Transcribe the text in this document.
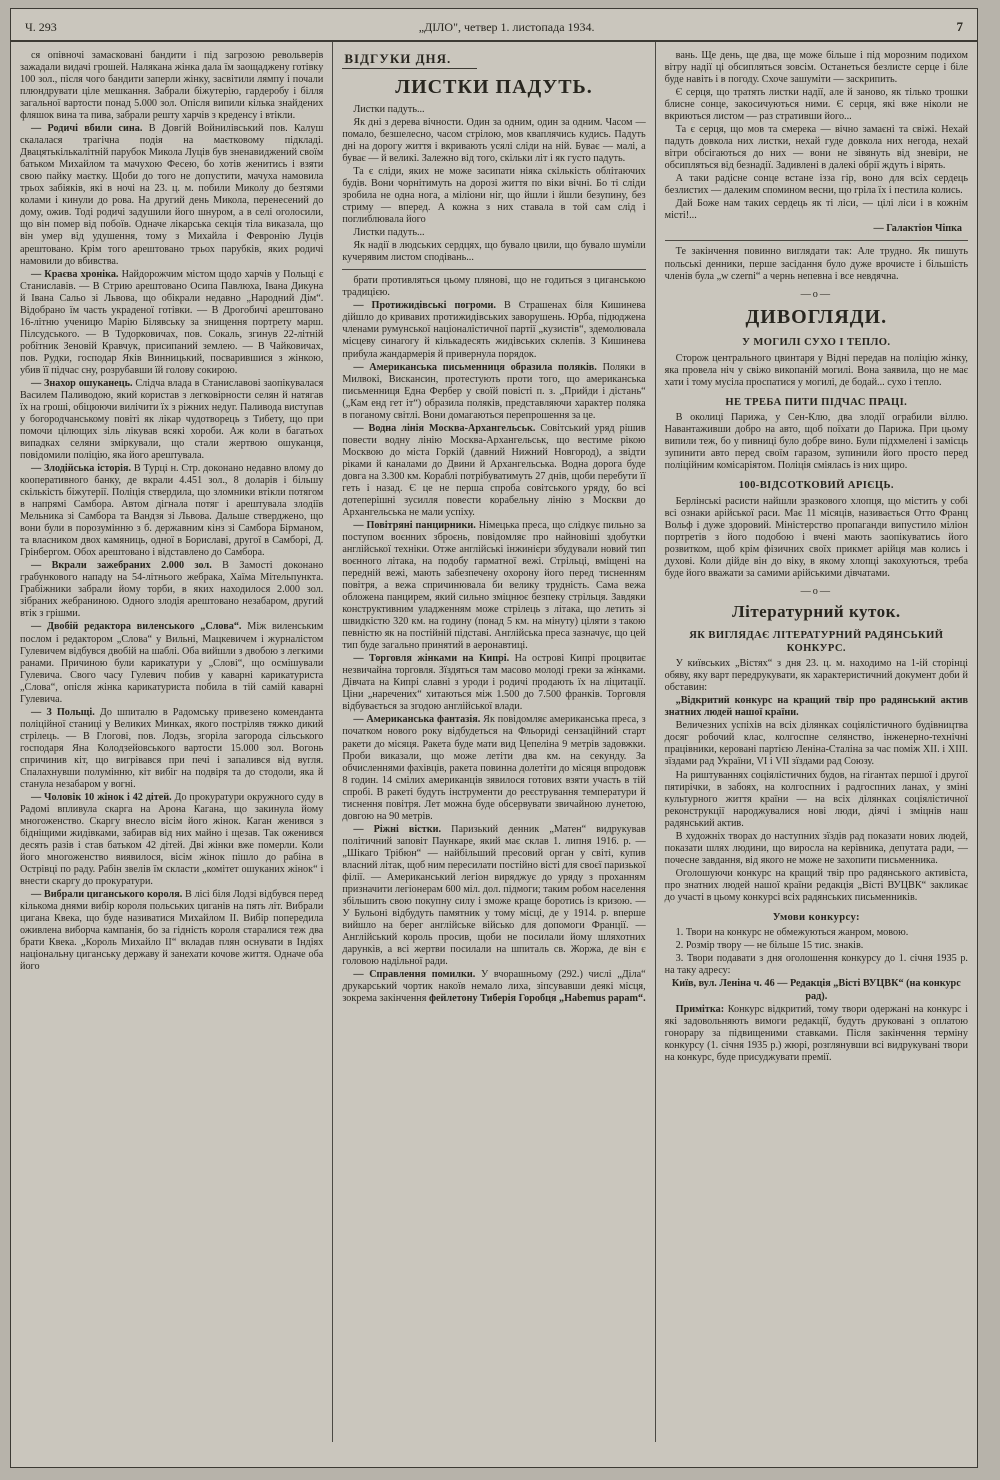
Ч. 293	„ДІЛО", четвер 1. листопада 1934.	7

ся опівночі замасковані бандити і під загрозою револьверів зажадали видачі грошей. Налякана жінка дала їм заощаджену готівку 100 зол., після чого бандити заперли жінку, засвітили лямпу і почали плюндрувати ціле мешкання. Забрали біжутерію, гардеробу і білля загальної вартости понад 5.000 зол. Опісля випили кілька знайдених фляшок вина та пива, забрали решту харчів з креденсу і втікли.

— Родичі вбили сина. В Довгій Войнилівський пов. Калуш скалалася трагічна подія на маєтковому підкладі. Двацятькількалітній парубок Микола Луців був зненавиджений своїм батьком Михайлом та мачухою Фесею, бо хотів женитись і взяти свою пайку маєтку. Щоби до того не допустити, мачуха намовила трьох забіяків, які в ночі на 23. ц. м. побили Миколу до безтями колами і кинули до рова. На другий день Микола, перенесений до дому, ожив. Тоді родичі задушили його шнуром, а в селі оголосили, що він помер від побоїв. Одначе лікарська секція тіла виказала, що він умер від удушення, тому з Михайла і Февронію Луців арештовано. Крім того арештовано трьох парубків, яких родичі намовили до вбивства.

— Краєва хроніка. Найдорожчим містом щодо харчів у Польщі є Станиславів. — В Стрию арештовано Осипа Павлюха, Івана Дикуна й Івана Сальо зі Львова, що обікрали недавно „Народний Дім“. Відобрано їм часть украденої готівки. — В Дрогобичі арештовано 16-літню ученицю Марію Білявську за знищення портрету марш. Пілсудського. — В Тудорковичах, пов. Сокаль, згинув 22-літній робітник Зеновій Кравчук, присипаний землею. — В Чайковичах, пов. Рудки, господар Яків Винницький, посварившися з жінкою, убив її підчас сну, розрубавши їй голову сокирою.

— Знахор ошуканець. Слідча влада в Станиславові заопікувалася Василем Паливодою, який користав з легковірности селян й натягав їх на гроші, обіцюючи вилічити їх з ріжних недуг. Паливода виступав у богородчанському повіті як лікар чудотворець з Тибету, що при помочи цілющих зіль лікував всякі хороби. Аж коли в багатьох випадках селяни зміркували, що стали жертвою ошуканця, повідомили поліцію, яка його арештувала.

— Злодійська історія. В Турці н. Стр. доконано недавно влому до кооперативного банку, де вкрали 4.451 зол., 8 доларів і більшу скількість біжутерії. Поліція ствердила, що зломники втікли потягом в напрямі Самбора. Автом дігнала потяг і арештувала злодіїв Мельника зі Самбора та Вандзя зі Львова. Дальше стверджено, що вони були в порозумінню з б. державним кінз зі Самбора Бірманом, та власником двох камяниць, одної в Бориславі, другої в Самборі, Д. Грінбергом. Обох арештовано і відставлено до Самбора.

— Вкрали зажебраних 2.000 зол. В Замості доконано грабункового нападу на 54-літнього жебрака, Хаїма Мітельпункта. Грабіжники забрали йому торби, в яких находилося 2.000 зол. зібраних жебраниною. Одного злодія арештовано незабаром, другий втік з грішми.

— Двобій редактора виленського „Слова“. Між виленським послом і редактором „Слова“ у Вильні, Мацкевичем і журналістом Гулевичем відбувся двобій на шаблі. Оба вийшли з двобою з легкими ранами. Причиною були карикатури у „Слові“, що осмішували Гулевича. Свого часу Гулевич побив у каварні карикатуриста „Слова“, опісля жінка карикатуриста побила в тій самій каварні Гулевича.

— З Польщі. До шпиталю в Радомську привезено коменданта поліційної станиці у Великих Минках, якого постріляв тяжко дикий стрілець. — В Глогові, пов. Лодзь, згоріла загорода сільського господаря Яна Колодзейовського вартости 15.000 зол. Вогонь спричинив кіт, що вигрівався при печі і запалився від вугля. Спалахнувши полумінню, кіт вибіг на подвіря та до стодоли, яка й станула незабаром у вогні.

— Чоловік 10 жінок і 42 дітей. До прокуратури окружного суду в Радомі впливула скарга на Арона Кагана, що закинула йому многоженство. Скаргу внесло вісім його жінок. Каган женився з бідніщими жидівками, забирав від них майно і щезав. Так оженився десять разів і став батьком 42 дітей. Дві жінки вже померли. Коли його многоженство виявилося, вісім жінок пішло до рабіна в Острівці по раду. Рабін звелів їм скласти „комітет ошуканих жінок“ і внести скаргу до прокуратури.

— Вибрали циганського короля. В лісі біля Лодзі відбувся перед кількома днями вибір короля польських циганів на пять літ. Вибрали цигана Квека, що буде називатися Михайлом II. Вибір попередила оживлена виборча кампанія, бо за гідність короля старалися теж два брати Квека. „Король Михайло II“ вкладав плян оснувати в Індіях національну циганську державу й занехати кочове життя. Одначе оба його

ВІДГУКИ ДНЯ.
ЛИСТКИ ПАДУТЬ.

Листки падуть...

Як дні з дерева вічности. Один за одним, один за одним. Часом — помало, безшелесно, часом стрілою, мов кваплячись кудись. Падуть дні на дорогу життя і вкривають усялі сліди на ній. Буває — малі, а буває — й великі. Залежно від того, скільки літ і як густо падуть.

Та є сліди, яких не може засипати ніяка скількість облітаючих будів. Вони чорнітимуть на дорозі життя по віки вічні. Бо ті сліди зробила не одна нога, а міліони ніг, що йшли і йшли безупину, без стриму — вперед. А кожна з них ставала в той сам слід і поглиблювала його

Листки падуть...

Як надії в людських сердцях, що бувало цвили, що бувало шуміли кучерявим листом сподівань...

брати противляться цьому плянові, що не годиться з циганською традицією.

— Протижидівські погроми. В Страшенах біля Кишинева дійшло до кривавих протижидівських заворушень. Юрба, підюджена членами румунської націоналістичної партії „кузистів“, здемолювала місцеву синагогу й кількадесять жидівських склепів. З Кишинева прибула жандармерія й привернула порядок.

— Американська письменниця образила поляків. Поляки в Милвокі, Вискансин, протестують проти того, що американська письменниця Една Фербер у своїй повісті п. з. „Прийди і дістань“ („Кам енд гет іт“) образила поляків, представляючи характер поляка в поганому світлі. Вони домагаються перепрошення за це.

— Водна лінія Москва-Архангельськ. Совітський уряд рішив повести водну лінію Москва-Архангельськ, що вестиме рікою Москвою до міста Горкій (давний Нижний Новгород), а звідти ріками й каналами до Двини й Архангельська. Водна дорога буде довга на 3.300 км. Кораблі потрібуватимуть 27 днів, щоби перебути її геть і назад. Є це не перша спроба совітського уряду, бо всі дотеперішні зусилля повести корабельну лінію з Москви до Архангельська не мали успіху.

— Повітряні панцирники. Німецька преса, що слідкує пильно за поступом воєнних зброєнь, повідомляє про найновіші здобутки англійської техніки. Отже англійські інжинієри збудували новий тип воєнного літака, на подобу гарматної вежі. Стрільці, вміщені на передній вежі, мають забезпечену охорону його перед тисненням повітря, а вежа спричинювала би велику трудність. Сама вежа обложена панцирем, який сильно зміцнює безпеку стрільця. Завдяки конструктивним уладженням може стрілець з літака, що летить зі швидкістю 320 км. на годину (понад 5 км. на мінуту) ціляти з такою певністю як на постійній підставі. Англійська преса зазначує, що цей тип буде загально принятий в аеронавтиці.

— Торговля жінками на Кипрі. На острові Кипрі процвитає незвичайна торговля. Зїздяться там масово молоді греки за жінками. Дівчата на Кипрі славні з уроди і родичі продають їх на ліцитації. Ціни „наречених“ хитаються між 1.500 до 7.500 франків. Торговля відбувається за згодою англійської влади.

— Американська фантазія. Як повідомляє американська преса, з початком нового року відбудеться на Фльориді сензаційний старт ракети до місяця. Ракета буде мати вид Цепеліна 9 метрів задовжки. Проби виказали, що може летіти два км. на секунду. За обчисленнями фахівців, ракета повинна долетіти до місяця впродовж 8 годин. 14 смілих американців зявилося готових взяти участь в тій спробі. В ракеті будуть інструменти до реєстрування температури й тиснення повітря. Лет можна буде обсервувати звичайною лунетою, довгою на 90 метрів.

— Ріжні вістки. Паризький денник „Матен“ видрукував політичний заповіт Паункаре, який має склав 1. липня 1916. р. — „Шікаго Трібюн“ — найбільший пресовий орган у світі, купив власний літак, щоб ним пересилати постійно вісті для своєї паризької філії. — Американський легіон виряджує до уряду з проханням призначити легіонерам 600 міл. дол. підмоги; таким робом населення збільшить свою покупну силу і зможе краще боротись із кризою. — У Бульоні відбудуть памятник у тому місці, де у 1914. р. вперше вийшло на берег англійське військо для допомоги Франції. — Англійський король просив, щоби не посилали йому шляхотних дарунків, а всі жертви посилали на шпиталь св. Жоржа, де він є головою надільної ради.

— Справлення помилки. У вчорашньому (292.) числі „Діла“ друкарський чортик накоїв немало лиха, зіпсувавши деякі місця, зокрема закінчення фейлетону Тиберія Горобця „Habemus papam“.

вань. Ще день, ще два, ще може більше і під морозним подихом вітру надії ці обсипляться зовсім. Останеться безлисте серце і біле буде навіть і в погоду. Схоче зашуміти — заскрипить.

Є серця, що тратять листки надії, але й заново, як тілько трошки блисне сонце, закосичуються ними. Є серця, які вже ніколи не вкриються листом — раз стративши його...

Та є серця, що мов та смерека — вічно замаєні та свіжі. Нехай падуть довкола них листки, нехай гуде довкола них негода, нехай вітри обсігаються до них — вони не зівянуть від зневіри, не обсипляться від безнадії. Задивлені в далекі обрії ждуть і вірять.

А таки радісне сонце встане ізза гір, воно для всіх сердець безлистих — далеким спомином весни, що гріла їх і пестила колись.

Дай Боже нам таких сердець як ті ліси, — цілі ліси і в кожнім місті!...

— Галактіон Чіпка

Те закінчення повинно виглядати так: Але трудно. Як пишуть польські денники, перше засідання було дуже врочисте і більшість членів була „w czerni“ а чернь непевна і все невдячна.

—о—
ДИВОГЛЯДИ.
У МОГИЛІ СУХО І ТЕПЛО.

Сторож центрального цвинтаря у Відні передав на поліцію жінку, яка провела ніч у свіжо викопаній могилі. Вона заявила, що не має хати і тому мусіла проспатися у могилі, де бодай... сухо і тепло.

НЕ ТРЕБА ПИТИ ПІДЧАС ПРАЦІ.

В околиці Парижа, у Сен-Клю, два злодії ограбили віллю. Навантаживши добро на авто, щоб поїхати до Парижа. При цьому випили теж, бо у пивниці було добре вино. Були підхмелені і замісць зупинити авто перед своїм гаразом, зупинили його просто перед поліційним комісаріятом. Поліція сміялась із них щиро.

100-ВІДСОТКОВИЙ АРІЄЦЬ.

Берлінські расисти найшли зразкового хлопця, що містить у собі всі ознаки арійської раси. Має 11 місяців, називається Отто Франц Вольф і дуже здоровий. Міністерство пропаганди випустило міліон портретів з його подобою і вчені мають заопікуватись його розвитком, щоб крім фізичних своїх прикмет арійця мав колись і духові. Коли дійде він до віку, в якому хлопці закохуються, треба буде його вважати за самими арійськими дівчатами.

—о—
Літературний куток.
ЯК ВИГЛЯДАЄ ЛІТЕРАТУРНИЙ РАДЯНСЬКИЙ КОНКУРС.

У київських „Вістях“ з дня 23. ц. м. находимо на 1-ій сторінці обяву, яку варт передрукувати, як характеристичний документ доби й обставин:

„Відкритий конкурс на кращий твір про радянський актив знатних людей нашої країни.

Величезних успіхів на всіх ділянках соціялістичного будівництва досяг робочий клас, колгоспне селянство, інженерно-технічні працівники, керовані партією Леніна-Сталіна за час поміж XII. і XIII. зїздами рад України, VI і VII зїздами рад Союзу.

На риштуваннях соціялістичних будов, на гігантах першої і другої пятирічки, в забоях, на колгоспних і радгоспних ланах, у зміні культурного життя країни — на всіх ділянках соціялістичної реконструкції народжувалися нові люди, діячі і зміцнів наш радянський актив.

В художніх творах до наступних зїздів рад показати нових людей, показати шлях людини, що виросла на керівника, депутата ради, — почесне завдання, від якого не може не захопити письменника.

Оголошуючи конкурс на кращий твір про радянського активіста, про знатних людей нашої країни редакція „Вісті ВУЦВК“ закликає до участі в цьому конкурсі всіх радянських письменників.

Умови конкурсу:

1. Твори на конкурс не обмежуються жанром, мовою.

2. Розмір твору — не більше 15 тис. знаків.

3. Твори подавати з дня оголошення конкурсу до 1. січня 1935 р. на таку адресу:

Київ, вул. Леніна ч. 46 — Редакція „Вісті ВУЦВК“ (на конкурс рад).

Примітка: Конкурс відкритий, тому твори одержані на конкурс і які задовольняють вимоги редакції, будуть друковані з оплатою гонорару за підвищеними ставками. Після закінчення терміну конкурсу (1. січня 1935 р.) жюрі, розглянувши всі видрукувані твори на конкурс, буде присуджувати премії.
